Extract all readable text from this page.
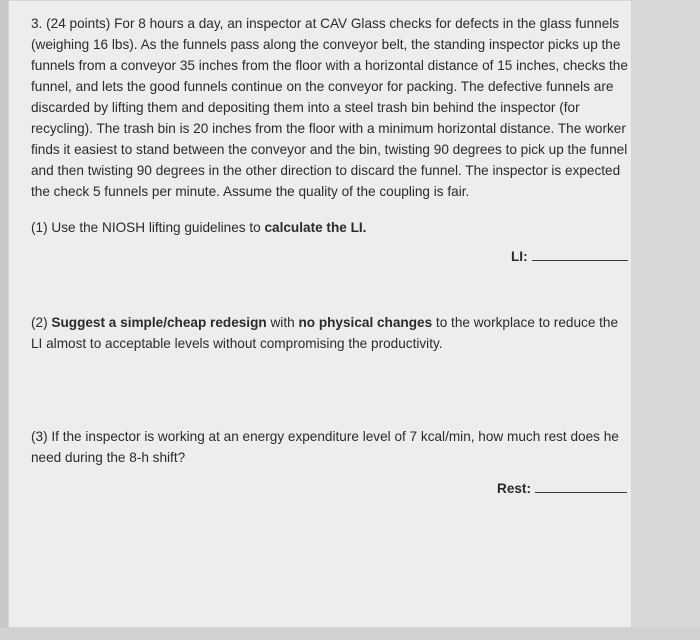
3. (24 points) For 8 hours a day, an inspector at CAV Glass checks for defects in the glass funnels (weighing 16 lbs). As the funnels pass along the conveyor belt, the standing inspector picks up the funnels from a conveyor 35 inches from the floor with a horizontal distance of 15 inches, checks the funnel, and lets the good funnels continue on the conveyor for packing. The defective funnels are discarded by lifting them and depositing them into a steel trash bin behind the inspector (for recycling). The trash bin is 20 inches from the floor with a minimum horizontal distance. The worker finds it easiest to stand between the conveyor and the bin, twisting 90 degrees to pick up the funnel and then twisting 90 degrees in the other direction to discard the funnel. The inspector is expected the check 5 funnels per minute. Assume the quality of the coupling is fair.

(1) Use the NIOSH lifting guidelines to calculate the LI.

LI:

(2) Suggest a simple/cheap redesign with no physical changes to the workplace to reduce the LI almost to acceptable levels without compromising the productivity.

(3) If the inspector is working at an energy expenditure level of 7 kcal/min, how much rest does he need during the 8-h shift?

Rest:
